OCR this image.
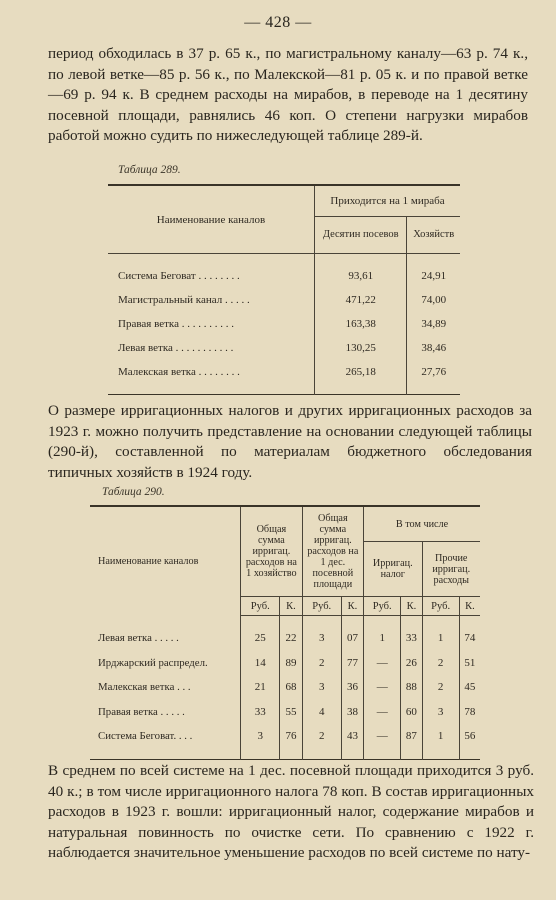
— 428 —
период обходилась в 37 р. 65 к., по магистральному каналу—63 р. 74 к., по левой ветке—85 р. 56 к., по Малекской—81 р. 05 к. и по правой ветке—69 р. 94 к. В среднем расходы на мирабов, в переводе на 1 десятину посевной площади, равнялись 46 коп. О степени нагрузки мирабов работой можно судить по нижеследующей таблице 289-й.
Таблица 289.
Наименование каналов	Приходится на 1 мираба	
	Десятин посевов	Хозяйств

Система Беговат . . . . . . . .	93,61	24,91
Магистральный канал . . . . .	471,22	74,00
Правая ветка . . . . . . . . . .	163,38	34,89
Левая ветка . . . . . . . . . . .	130,25	38,46
Малекская ветка . . . . . . . .	265,18	27,76

О размере ирригационных налогов и других ирригационных расходов за 1923 г. можно получить представление на основании следующей таблицы (290-й), составленной по материалам бюджетного обследования типичных хозяйств в 1924 году.
Таблица 290.
Наименование каналов	Общая сумма ирригац. расходов на 1 хозяйство		Общая сумма ирригац. расходов на 1 дес. посевной площади		В том числе			
					Ирригац. налог		Прочие ирригац. расходы	
	Руб.	К.	Руб.	К.	Руб.	К.	Руб.	К.

Левая ветка . . . . .	25	22	3	07	1	33	1	74
Ирджарский распредел.	14	89	2	77	—	26	2	51
Малекская ветка . . .	21	68	3	36	—	88	2	45
Правая ветка . . . . .	33	55	4	38	—	60	3	78
Система Беговат. . . .	3	76	2	43	—	87	1	56

В среднем по всей системе на 1 дес. посевной площади приходится 3 руб. 40 к.; в том числе ирригационного налога 78 коп. В состав ирригационных расходов в 1923 г. вошли: ирригационный налог, содержание мирабов и натуральная повинность по очистке сети. По сравнению с 1922 г. наблюдается значительное уменьшение расходов по всей системе по нату-
